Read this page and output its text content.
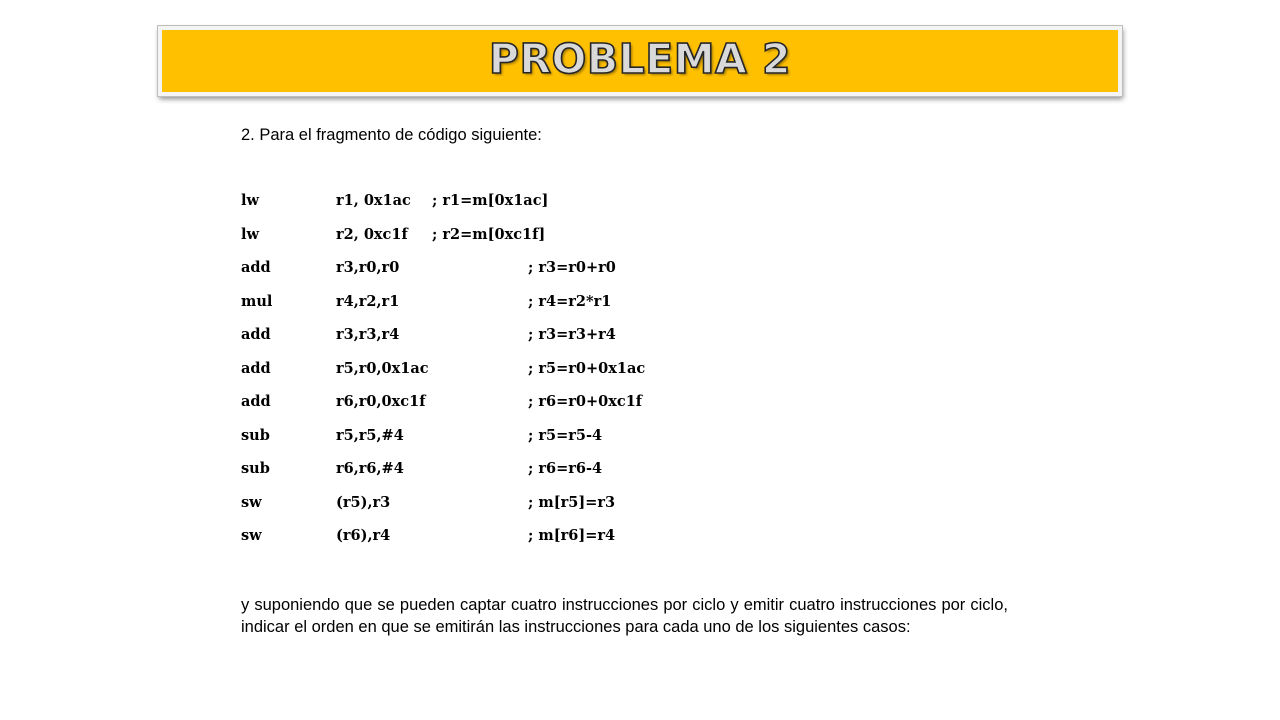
PROBLEMA 2
2. Para el fragmento de código siguiente:
lw	r1, 0x1ac ; r1=m[0x1ac]
lw	r2, 0xc1f ; r2=m[0xc1f]
add	r3,r0,r0	; r3=r0+r0
mul	r4,r2,r1	; r4=r2*r1
add	r3,r3,r4	; r3=r3+r4
add	r5,r0,0x1ac	; r5=r0+0x1ac
add	r6,r0,0xc1f	; r6=r0+0xc1f
sub	r5,r5,#4	; r5=r5-4
sub	r6,r6,#4	; r6=r6-4
sw	(r5),r3	; m[r5]=r3
sw	(r6),r4	; m[r6]=r4
y suponiendo que se pueden captar cuatro instrucciones por ciclo y emitir cuatro instrucciones por ciclo, indicar el orden en que se emitirán las instrucciones para cada uno de los siguientes casos:
